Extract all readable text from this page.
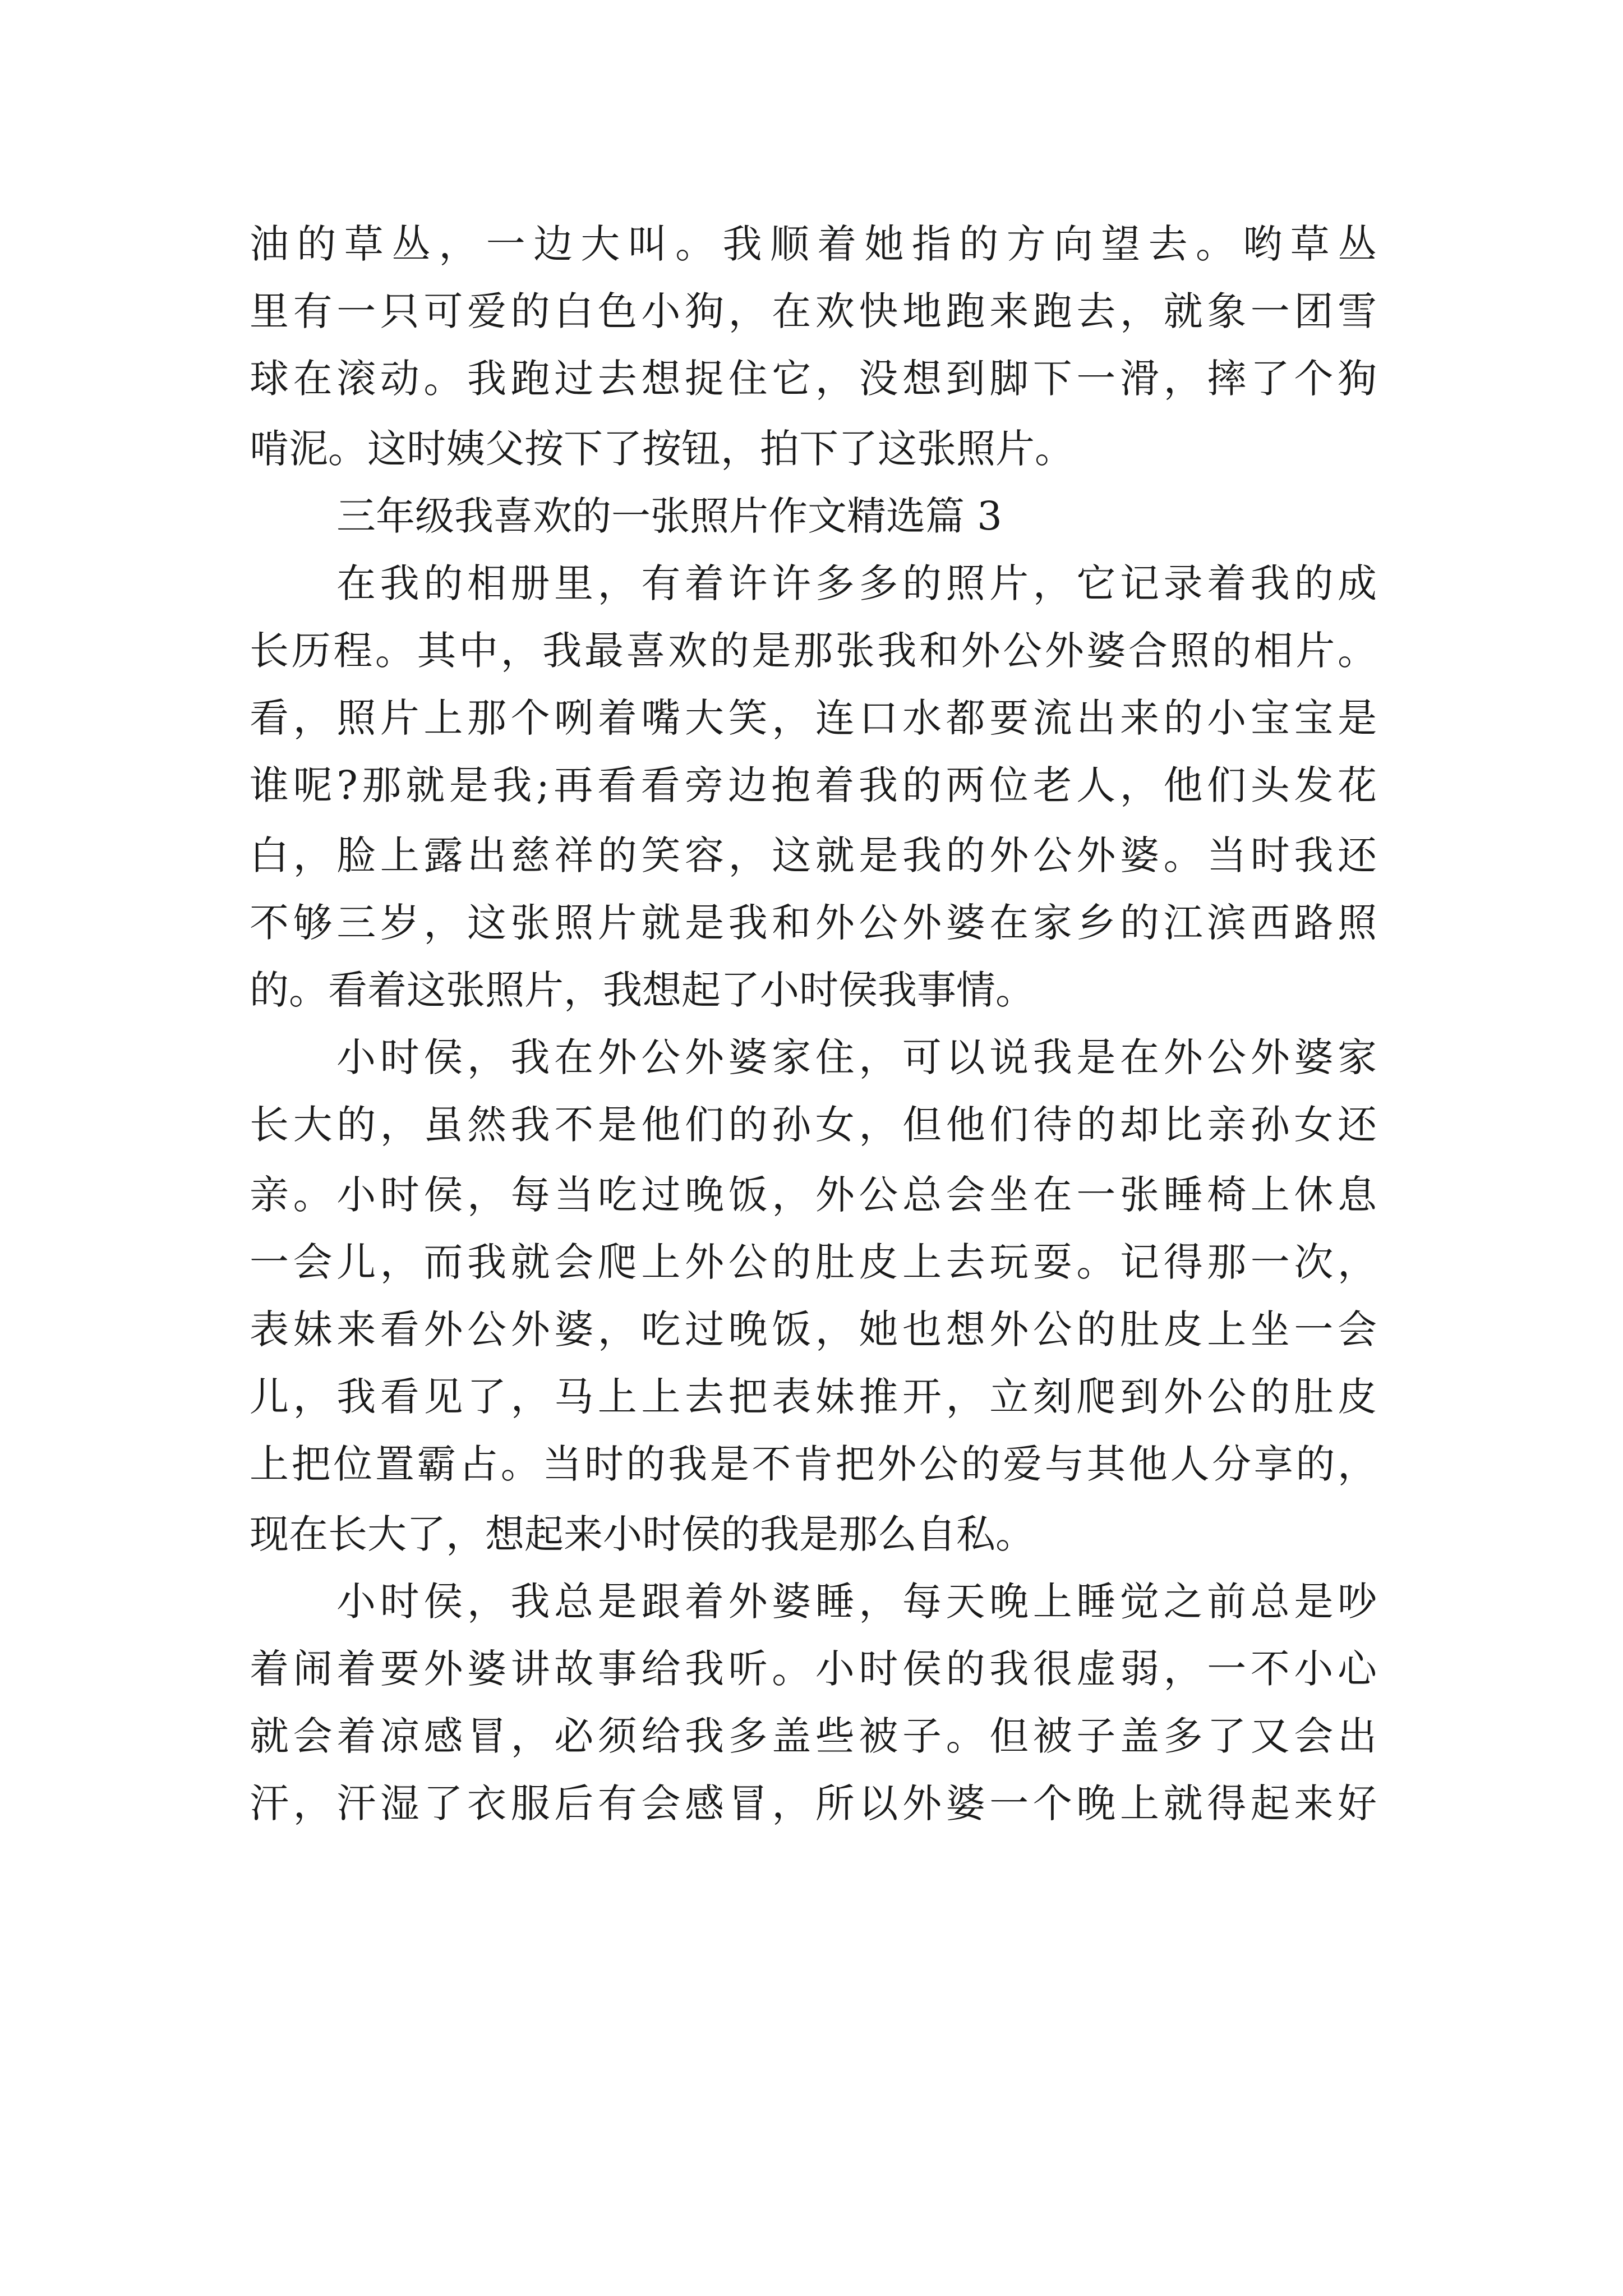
油的草丛，一边大叫。我顺着她指的方向望去。哟草丛
里有一只可爱的白色小狗，在欢快地跑来跑去，就象一团雪
球在滚动。我跑过去想捉住它，没想到脚下一滑，摔了个狗
啃泥。这时姨父按下了按钮，拍下了这张照片。
三年级我喜欢的一张照片作文精选篇 3
在我的相册里，有着许许多多的照片，它记录着我的成
长历程。其中，我最喜欢的是那张我和外公外婆合照的相片。
看，照片上那个咧着嘴大笑，连口水都要流出来的小宝宝是
谁呢?那就是我;再看看旁边抱着我的两位老人，他们头发花
白，脸上露出慈祥的笑容，这就是我的外公外婆。当时我还
不够三岁，这张照片就是我和外公外婆在家乡的江滨西路照
的。看着这张照片，我想起了小时侯我事情。
小时侯，我在外公外婆家住，可以说我是在外公外婆家
长大的，虽然我不是他们的孙女，但他们待的却比亲孙女还
亲。小时侯，每当吃过晚饭，外公总会坐在一张睡椅上休息
一会儿，而我就会爬上外公的肚皮上去玩耍。记得那一次，
表妹来看外公外婆，吃过晚饭，她也想外公的肚皮上坐一会
儿，我看见了，马上上去把表妹推开，立刻爬到外公的肚皮
上把位置霸占。当时的我是不肯把外公的爱与其他人分享的，
现在长大了，想起来小时侯的我是那么自私。
小时侯，我总是跟着外婆睡，每天晚上睡觉之前总是吵
着闹着要外婆讲故事给我听。小时侯的我很虚弱，一不小心
就会着凉感冒，必须给我多盖些被子。但被子盖多了又会出
汗，汗湿了衣服后有会感冒，所以外婆一个晚上就得起来好
